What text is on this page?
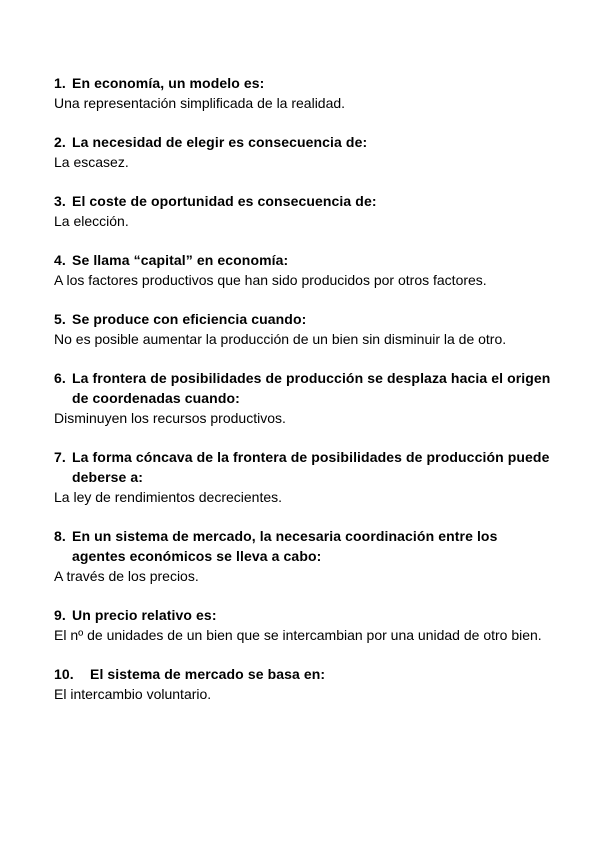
1. En economía, un modelo es:
Una representación simplificada de la realidad.
2. La necesidad de elegir es consecuencia de:
La escasez.
3. El coste de oportunidad es consecuencia de:
La elección.
4. Se llama “capital” en economía:
A los factores productivos que han sido producidos por otros factores.
5. Se produce con eficiencia cuando:
No es posible aumentar la producción de un bien sin disminuir la de otro.
6. La frontera de posibilidades de producción se desplaza hacia el origen de coordenadas cuando:
Disminuyen los recursos productivos.
7. La forma cóncava de la frontera de posibilidades de producción puede deberse a:
La ley de rendimientos decrecientes.
8. En un sistema de mercado, la necesaria coordinación entre los agentes económicos se lleva a cabo:
A través de los precios.
9. Un precio relativo es:
El nº de unidades de un bien que se intercambian por una unidad de otro bien.
10. El sistema de mercado se basa en:
El intercambio voluntario.
